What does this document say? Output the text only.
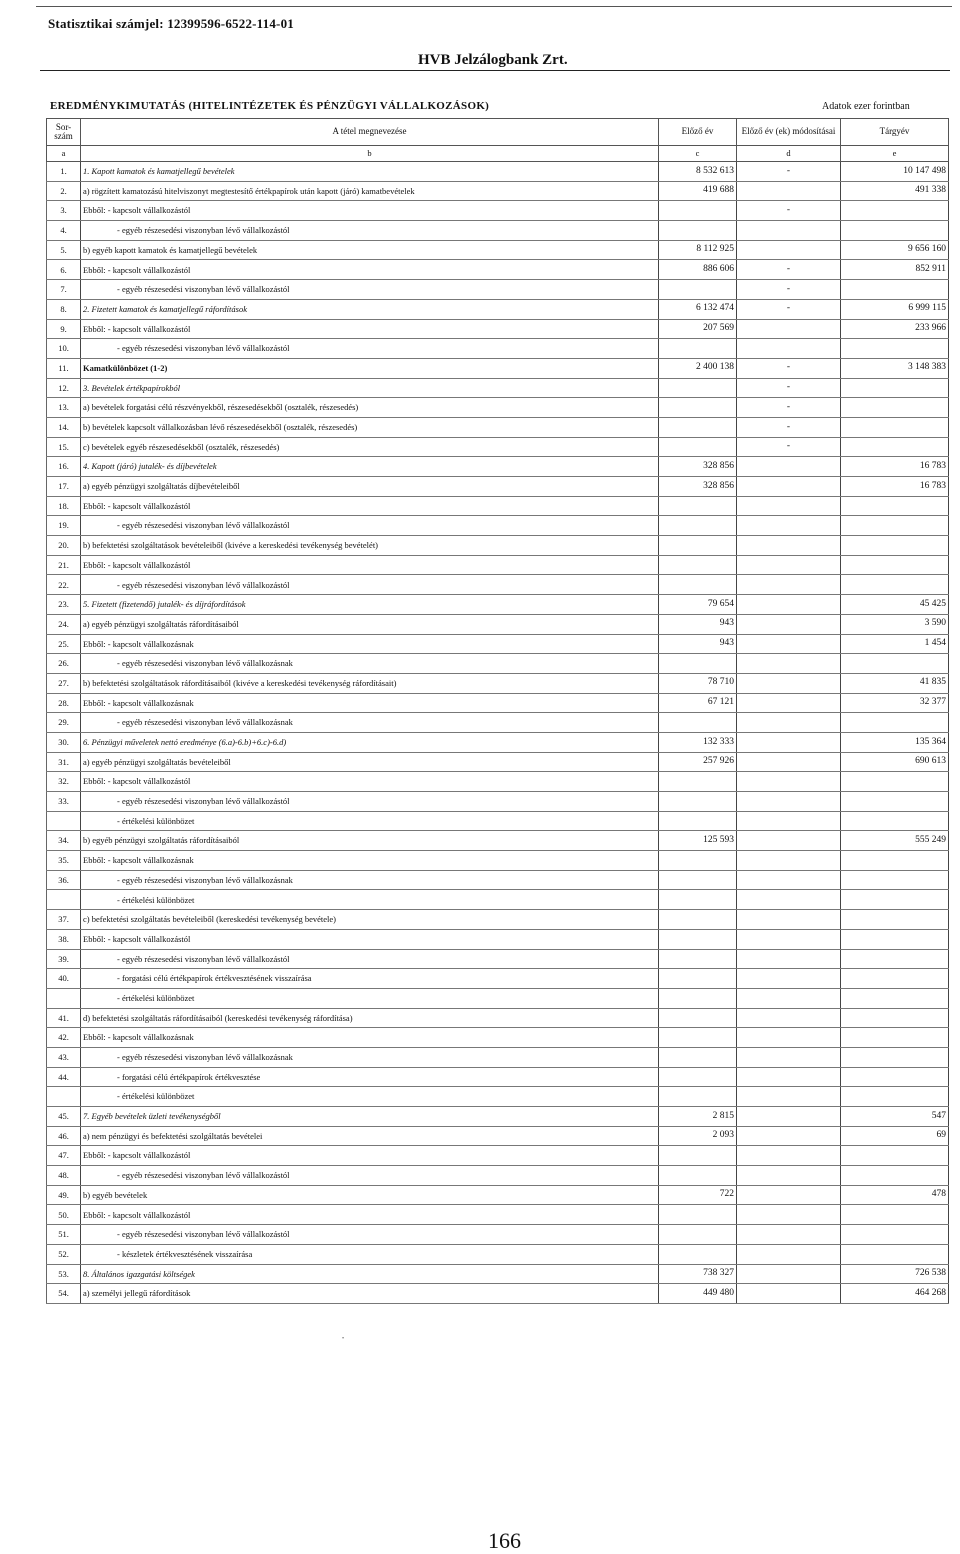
Statisztikai számjel: 12399596-6522-114-01
HVB Jelzálogbank Zrt.
EREDMÉNYKIMUTATÁS (HITELINTÉZETEK ÉS PÉNZÜGYI VÁLLALKOZÁSOK)	Adatok ezer forintban
Sor-szám	A tétel megnevezése	Előző év	Előző év (ek) módosításai	Tárgyév
a	b	c	d	e
1.	1. Kapott kamatok és kamatjellegű bevételek	8 532 613	-	10 147 498
2.	a) rögzített kamatozású hitelviszonyt megtestesítő értékpapírok után kapott (járó) kamatbevételek	419 688		491 338
3.	Ebből: - kapcsolt vállalkozástól		-	
4.	- egyéb részesedési viszonyban lévő vállalkozástól			
5.	b) egyéb kapott kamatok és kamatjellegű bevételek	8 112 925		9 656 160
6.	Ebből: - kapcsolt vállalkozástól	886 606	-	852 911
7.	- egyéb részesedési viszonyban lévő vállalkozástól		-	
8.	2. Fizetett kamatok és kamatjellegű ráfordítások	6 132 474	-	6 999 115
9.	Ebből: - kapcsolt vállalkozástól	207 569		233 966
10.	- egyéb részesedési viszonyban lévő vállalkozástól			
11.	Kamatkülönbözet (1-2)	2 400 138	-	3 148 383
12.	3. Bevételek értékpapírokból		-	
13.	a) bevételek forgatási célú részvényekből, részesedésekből (osztalék, részesedés)		-	
14.	b) bevételek kapcsolt vállalkozásban lévő részesedésekből (osztalék, részesedés)		-	
15.	c) bevételek egyéb részesedésekből (osztalék, részesedés)		-	
16.	4. Kapott (járó) jutalék- és díjbevételek	328 856		16 783
17.	a) egyéb pénzügyi szolgáltatás díjbevételeiből	328 856		16 783
18.	Ebből: - kapcsolt vállalkozástól			
19.	- egyéb részesedési viszonyban lévő vállalkozástól			
20.	b) befektetési szolgáltatások bevételeiből (kivéve a kereskedési tevékenység bevételét)			
21.	Ebből: - kapcsolt vállalkozástól			
22.	- egyéb részesedési viszonyban lévő vállalkozástól			
23.	5. Fizetett (fizetendő) jutalék- és díjráfordítások	79 654		45 425
24.	a) egyéb pénzügyi szolgáltatás ráfordításaiból	943		3 590
25.	Ebből: - kapcsolt vállalkozásnak	943		1 454
26.	- egyéb részesedési viszonyban lévő vállalkozásnak			
27.	b) befektetési szolgáltatások ráfordításaiból (kivéve a kereskedési tevékenység ráfordításait)	78 710		41 835
28.	Ebből: - kapcsolt vállalkozásnak	67 121		32 377
29.	- egyéb részesedési viszonyban lévő vállalkozásnak			
30.	6. Pénzügyi műveletek nettó eredménye (6.a)-6.b)+6.c)-6.d)	132 333		135 364
31.	a) egyéb pénzügyi szolgáltatás bevételeiből	257 926		690 613
32.	Ebből: - kapcsolt vállalkozástól			
33.	- egyéb részesedési viszonyban lévő vállalkozástól			
	- értékelési különbözet			
34.	b) egyéb pénzügyi szolgáltatás ráfordításaiból	125 593		555 249
35.	Ebből: - kapcsolt vállalkozásnak			
36.	- egyéb részesedési viszonyban lévő vállalkozásnak			
	- értékelési különbözet			
37.	c) befektetési szolgáltatás bevételeiből (kereskedési tevékenység bevétele)			
38.	Ebből: - kapcsolt vállalkozástól			
39.	- egyéb részesedési viszonyban lévő vállalkozástól			
40.	- forgatási célú értékpapírok értékvesztésének visszaírása			
	- értékelési különbözet			
41.	d) befektetési szolgáltatás ráfordításaiból (kereskedési tevékenység ráfordítása)			
42.	Ebből: - kapcsolt vállalkozásnak			
43.	- egyéb részesedési viszonyban lévő vállalkozásnak			
44.	- forgatási célú értékpapírok értékvesztése			
	- értékelési különbözet			
45.	7. Egyéb bevételek üzleti tevékenységből	2 815		547
46.	a) nem pénzügyi és befektetési szolgáltatás bevételei	2 093		69
47.	Ebből: - kapcsolt vállalkozástól			
48.	- egyéb részesedési viszonyban lévő vállalkozástól			
49.	b) egyéb bevételek	722		478
50.	Ebből: - kapcsolt vállalkozástól			
51.	- egyéb részesedési viszonyban lévő vállalkozástól			
52.	- készletek értékvesztésének visszaírása			
53.	8. Általános igazgatási költségek	738 327		726 538
54.	a) személyi jellegű ráfordítások	449 480		464 268
•
166
